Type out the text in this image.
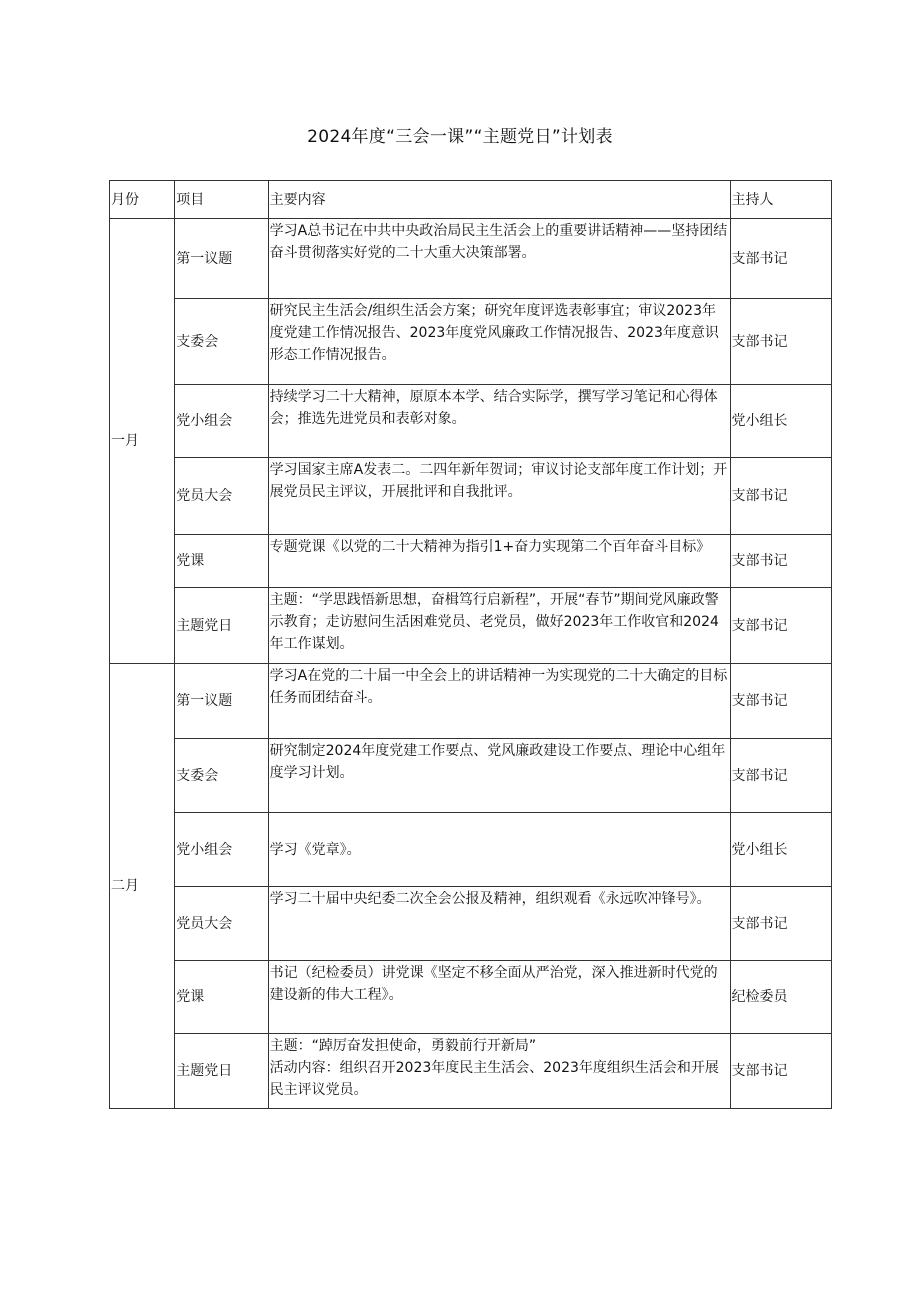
2024年度“三会一课”“主题党日”计划表
月份	项目	主要内容	主持人
一月	第一议题	学习A总书记在中共中央政治局民主生活会上的重要讲话精神——坚持团结奋斗贯彻落实好党的二十大重大决策部署。	支部书记
	支委会	研究民主生活会/组织生活会方案；研究年度评选表彰事宜；审议2023年度党建工作情况报告、2023年度党风廉政工作情况报告、2023年度意识形态工作情况报告。	支部书记
	党小组会	持续学习二十大精神，原原本本学、结合实际学，撰写学习笔记和心得体会；推选先进党员和表彰对象。	党小组长
	党员大会	学习国家主席A发表二。二四年新年贺词；审议讨论支部年度工作计划；开展党员民主评议，开展批评和自我批评。	支部书记
	党课	专题党课《以党的二十大精神为指引1+奋力实现第二个百年奋斗目标》	支部书记
	主题党日	主题：“学思践悟新思想，奋楫笃行启新程”，开展“春节”期间党风廉政警示教育；走访慰问生活困难党员、老党员，做好2023年工作收官和2024年工作谋划。	支部书记
二月	第一议题	学习A在党的二十届一中全会上的讲话精神一为实现党的二十大确定的目标任务而团结奋斗。	支部书记
	支委会	研究制定2024年度党建工作要点、党风廉政建设工作要点、理论中心组年度学习计划。	支部书记
	党小组会	学习《党章》。	党小组长
	党员大会	学习二十届中央纪委二次全会公报及精神，组织观看《永远吹冲锋号》。	支部书记
	党课	书记（纪检委员）讲党课《坚定不移全面从严治党，深入推进新时代党的建设新的伟大工程》。	纪检委员
	主题党日	主题：“踔厉奋发担使命，勇毅前行开新局”
活动内容：组织召开2023年度民主生活会、2023年度组织生活会和开展民主评议党员。	支部书记
